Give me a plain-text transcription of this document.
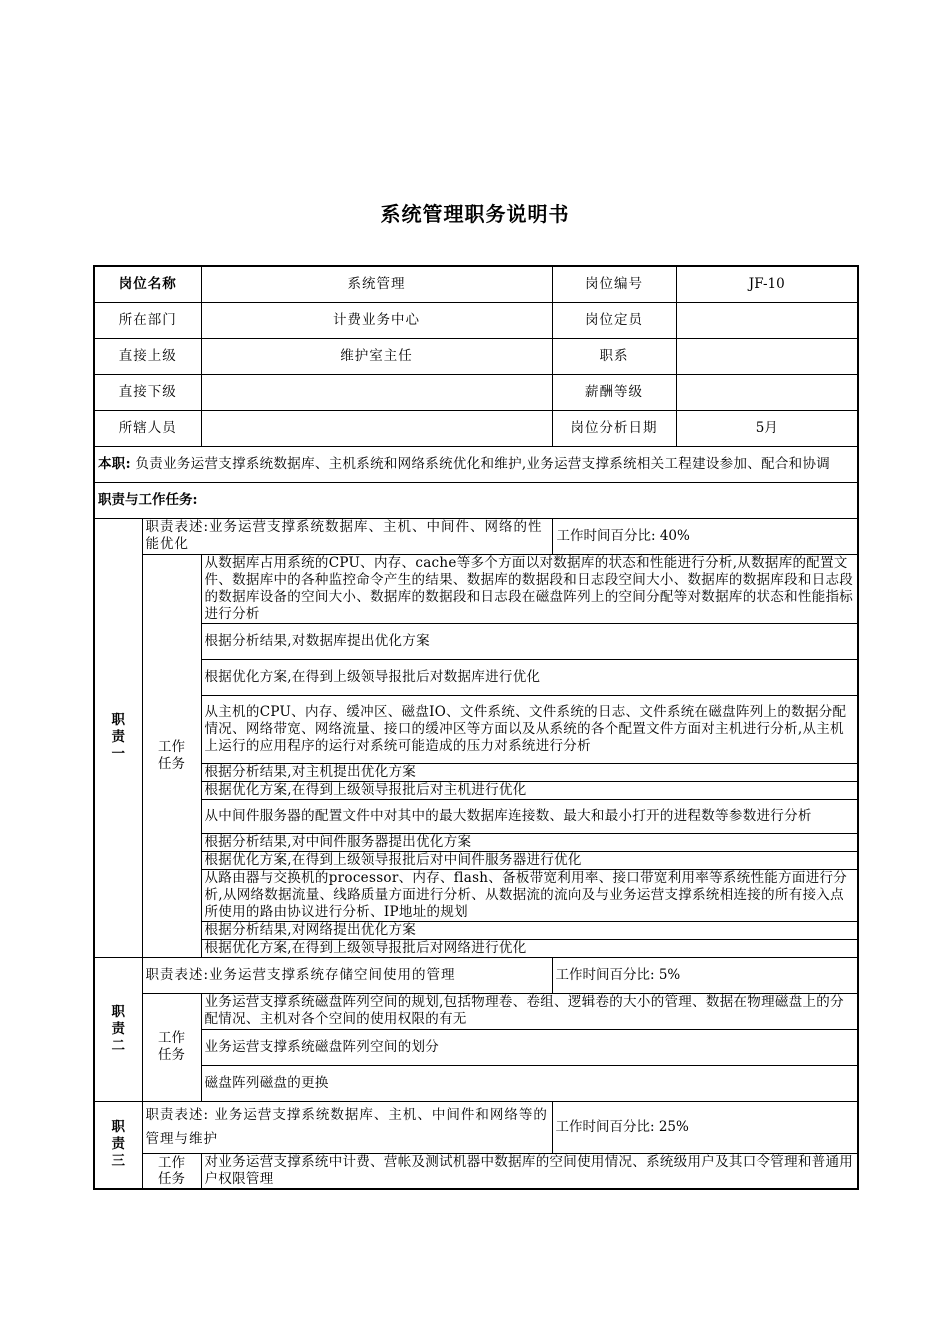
系统管理职务说明书
岗位名称		系统管理	岗位编号	JF-10
所在部门		计费业务中心	岗位定员	
直接上级		维护室主任	职系	
直接下级			薪酬等级	
所辖人员			岗位分析日期	5月
本职: 负责业务运营支撑系统数据库、主机系统和网络系统优化和维护,业务运营支撑系统相关工程建设参加、配合和协调				
职责与工作任务:				

职责一	职责表述:业务运营支撑系统数据库、主机、中间件、网络的性能优化		工作时间百分比: 40%	

	工作任务	从数据库占用系统的CPU、内存、cache等多个方面以对数据库的状态和性能进行分析,从数据库的配置文件、数据库中的各种监控命令产生的结果、数据库的数据段和日志段空间大小、数据库的数据库段和日志段的数据库设备的空间大小、数据库的数据段和日志段在磁盘阵列上的空间分配等对数据库的状态和性能指标进行分析		
		根据分析结果,对数据库提出优化方案		
		根据优化方案,在得到上级领导报批后对数据库进行优化		
		从主机的CPU、内存、缓冲区、磁盘IO、文件系统、文件系统的日志、文件系统在磁盘阵列上的数据分配情况、网络带宽、网络流量、接口的缓冲区等方面以及从系统的各个配置文件方面对主机进行分析,从主机上运行的应用程序的运行对系统可能造成的压力对系统进行分析		
		根据分析结果,对主机提出优化方案		
		根据优化方案,在得到上级领导报批后对主机进行优化		
		从中间件服务器的配置文件中对其中的最大数据库连接数、最大和最小打开的进程数等参数进行分析		
		根据分析结果,对中间件服务器提出优化方案		
		根据优化方案,在得到上级领导报批后对中间件服务器进行优化		
		从路由器与交换机的processor、内存、flash、备板带宽利用率、接口带宽利用率等系统性能方面进行分析,从网络数据流量、线路质量方面进行分析、从数据流的流向及与业务运营支撑系统相连接的所有接入点所使用的路由协议进行分析、IP地址的规划		
		根据分析结果,对网络提出优化方案		
		根据优化方案,在得到上级领导报批后对网络进行优化		

职责二	职责表述:业务运营支撑系统存储空间使用的管理		工作时间百分比: 5%	

	工作任务	业务运营支撑系统磁盘阵列空间的规划,包括物理卷、卷组、逻辑卷的大小的管理、数据在物理磁盘上的分配情况、主机对各个空间的使用权限的有无		
		业务运营支撑系统磁盘阵列空间的划分		
		磁盘阵列磁盘的更换		

职责三	职责表述: 业务运营支撑系统数据库、主机、中间件和网络等的管理与维护		工作时间百分比: 25%	

	工作任务	对业务运营支撑系统中计费、营帐及测试机器中数据库的空间使用情况、系统级用户及其口令管理和普通用户权限管理		
